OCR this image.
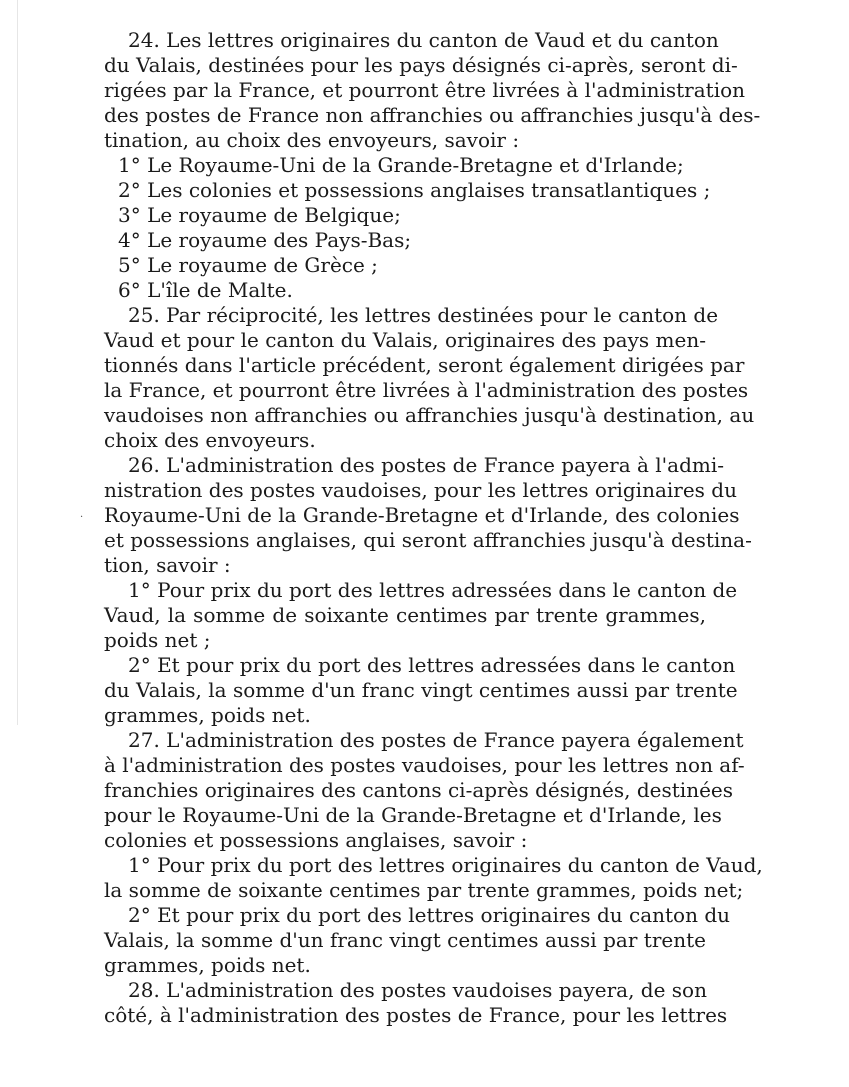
·
24. Les lettres originaires du canton de Vaud et du canton
du Valais, destinées pour les pays désignés ci-après, seront di-
rigées par la France, et pourront être livrées à l'administration
des postes de France non affranchies ou affranchies jusqu'à des-
tination, au choix des envoyeurs, savoir :
1° Le Royaume-Uni de la Grande-Bretagne et d'Irlande;
2° Les colonies et possessions anglaises transatlantiques ;
3° Le royaume de Belgique;
4° Le royaume des Pays-Bas;
5° Le royaume de Grèce ;
6° L'île de Malte.
25. Par réciprocité, les lettres destinées pour le canton de
Vaud et pour le canton du Valais, originaires des pays men-
tionnés dans l'article précédent, seront également dirigées par
la France, et pourront être livrées à l'administration des postes
vaudoises non affranchies ou affranchies jusqu'à destination, au
choix des envoyeurs.
26. L'administration des postes de France payera à l'admi-
nistration des postes vaudoises, pour les lettres originaires du
Royaume-Uni de la Grande-Bretagne et d'Irlande, des colonies
et possessions anglaises, qui seront affranchies jusqu'à destina-
tion, savoir :
1° Pour prix du port des lettres adressées dans le canton de
Vaud, la somme de soixante centimes par trente grammes,
poids net ;
2° Et pour prix du port des lettres adressées dans le canton
du Valais, la somme d'un franc vingt centimes aussi par trente
grammes, poids net.
27. L'administration des postes de France payera également
à l'administration des postes vaudoises, pour les lettres non af-
franchies originaires des cantons ci-après désignés, destinées
pour le Royaume-Uni de la Grande-Bretagne et d'Irlande, les
colonies et possessions anglaises, savoir :
1° Pour prix du port des lettres originaires du canton de Vaud,
la somme de soixante centimes par trente grammes, poids net;
2° Et pour prix du port des lettres originaires du canton du
Valais, la somme d'un franc vingt centimes aussi par trente
grammes, poids net.
28. L'administration des postes vaudoises payera, de son
côté, à l'administration des postes de France, pour les lettres
